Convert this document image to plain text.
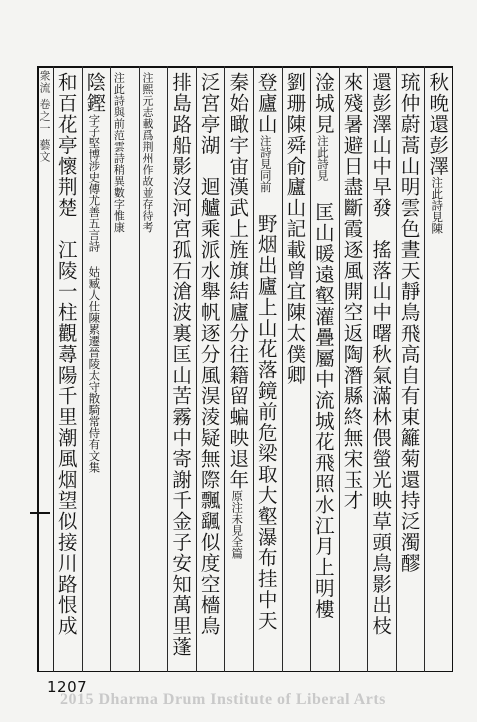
衆流 卷之一 藝文	秋晚還彭澤注此詩見陳
琉仲蔚蒿山明雲色晝天靜鳥飛高自有東籬菊還持泛濁醪
還彭澤山中早發　搖落山中曙秋氣滿林偎螢光映草頭鳥影出枝
來殘暑避日盡斷霞逐風開空返陶潛縣終無宋玉才
淦城見注此詩見　匡山暖遠壑灌疊屬中流城花飛照水江月上明樓
劉珊陳舜俞廬山記載曾宜陳太僕卿
登廬山注詩見同前　野烟出廬上山花落鏡前危梁取大壑瀑布挂中天
秦始瞰宇宙漢武上旌旗結廬分往籍留蝙映退年原注未見全篇
泛宮亭湖　迴艫乘派水舉帆逐分風淏淩疑無際飄颻似度空檣鳥
排島路船影沒河宮孤石滄波裏匡山苦霧中寄謝千金子安知萬里蓬
注熙元志載爲荆州作故並存待考
注此詩與前范雲詩稍異數字惟康
陰鏗字子堅博涉史傳尤善五言詩 姑臧人仕陳累遷晉陵太守散騎常侍有文集
和百花亭懷荆楚　江陵一柱觀蕁陽千里潮風烟望似接川路恨成
1207
2015 Dharma Drum Institute of Liberal Arts
